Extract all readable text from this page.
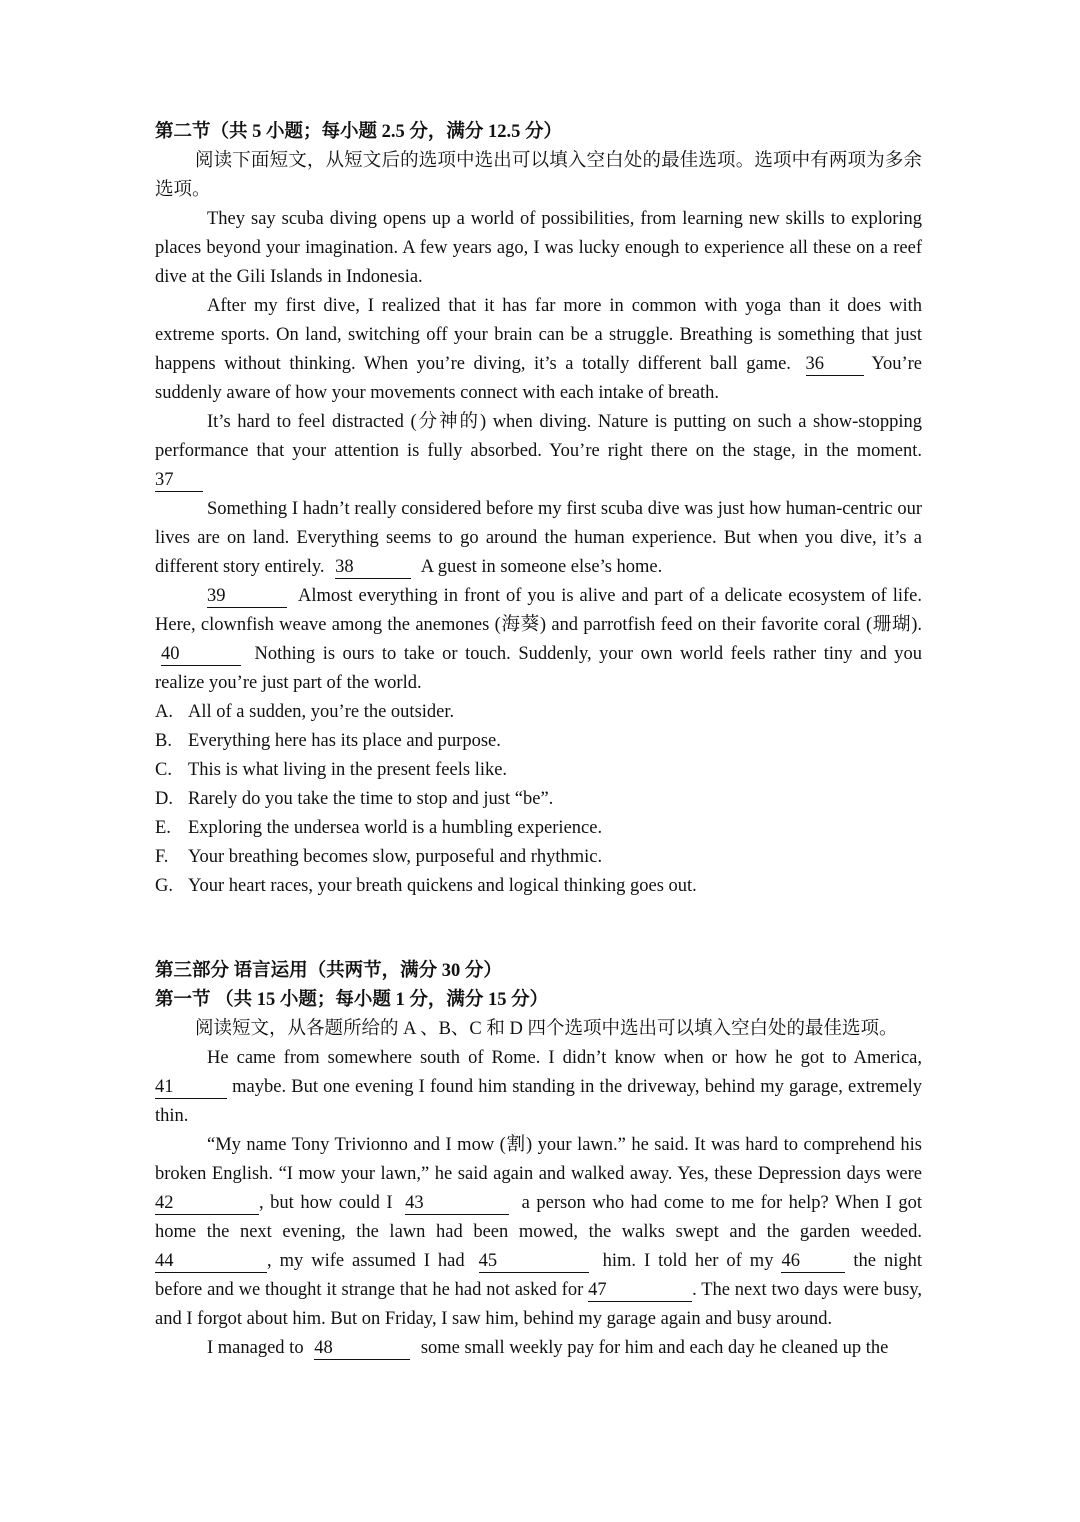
第二节（共 5 小题；每小题 2.5 分，满分 12.5 分）
阅读下面短文，从短文后的选项中选出可以填入空白处的最佳选项。选项中有两项为多余选项。
They say scuba diving opens up a world of possibilities, from learning new skills to exploring places beyond your imagination. A few years ago, I was lucky enough to experience all these on a reef dive at the Gili Islands in Indonesia.
After my first dive, I realized that it has far more in common with yoga than it does with extreme sports. On land, switching off your brain can be a struggle. Breathing is something that just happens without thinking. When you’re diving, it’s a totally different ball game. 36	You’re suddenly aware of how your movements connect with each intake of breath.
It’s hard to feel distracted (分神的) when diving. Nature is putting on such a show-stopping performance that your attention is fully absorbed. You’re right there on the stage, in the moment. 37
Something I hadn’t really considered before my first scuba dive was just how human-centric our lives are on land. Everything seems to go around the human experience. But when you dive, it’s a different story entirely. 38	A guest in someone else’s home.
39	Almost everything in front of you is alive and part of a delicate ecosystem of life. Here, clownfish weave among the anemones (海葵) and parrotfish feed on their favorite coral (珊瑚). 40	Nothing is ours to take or touch. Suddenly, your own world feels rather tiny and you realize you’re just part of the world.
A. All of a sudden, you’re the outsider.
B. Everything here has its place and purpose.
C. This is what living in the present feels like.
D. Rarely do you take the time to stop and just “be”.
E. Exploring the undersea world is a humbling experience.
F.	Your breathing becomes slow, purposeful and rhythmic.
G. Your heart races, your breath quickens and logical thinking goes out.
第三部分 语言运用（共两节，满分 30 分）
第一节 （共 15 小题；每小题 1 分，满分 15 分）
阅读短文，从各题所给的 A 、B、C 和 D 四个选项中选出可以填入空白处的最佳选项。
He came from somewhere south of Rome. I didn’t know when or how he got to America, 41	maybe. But one evening I found him standing in the driveway, behind my garage, extremely thin.
“My name Tony Trivionno and I mow (割) your lawn.” he said. It was hard to comprehend his broken English. “I mow your lawn,” he said again and walked away. Yes, these Depression days were 42	, but how could I 43	a person who had come to me for help? When I got home the next evening, the lawn had been mowed, the walks swept and the garden weeded. 44	, my wife assumed I had 45	him. I told her of my 46	the night before and we thought it strange that he had not asked for 47	. The next two days were busy, and I forgot about him. But on Friday, I saw him, behind my garage again and busy around.
I managed to 48	some small weekly pay for him and each day he cleaned up the
